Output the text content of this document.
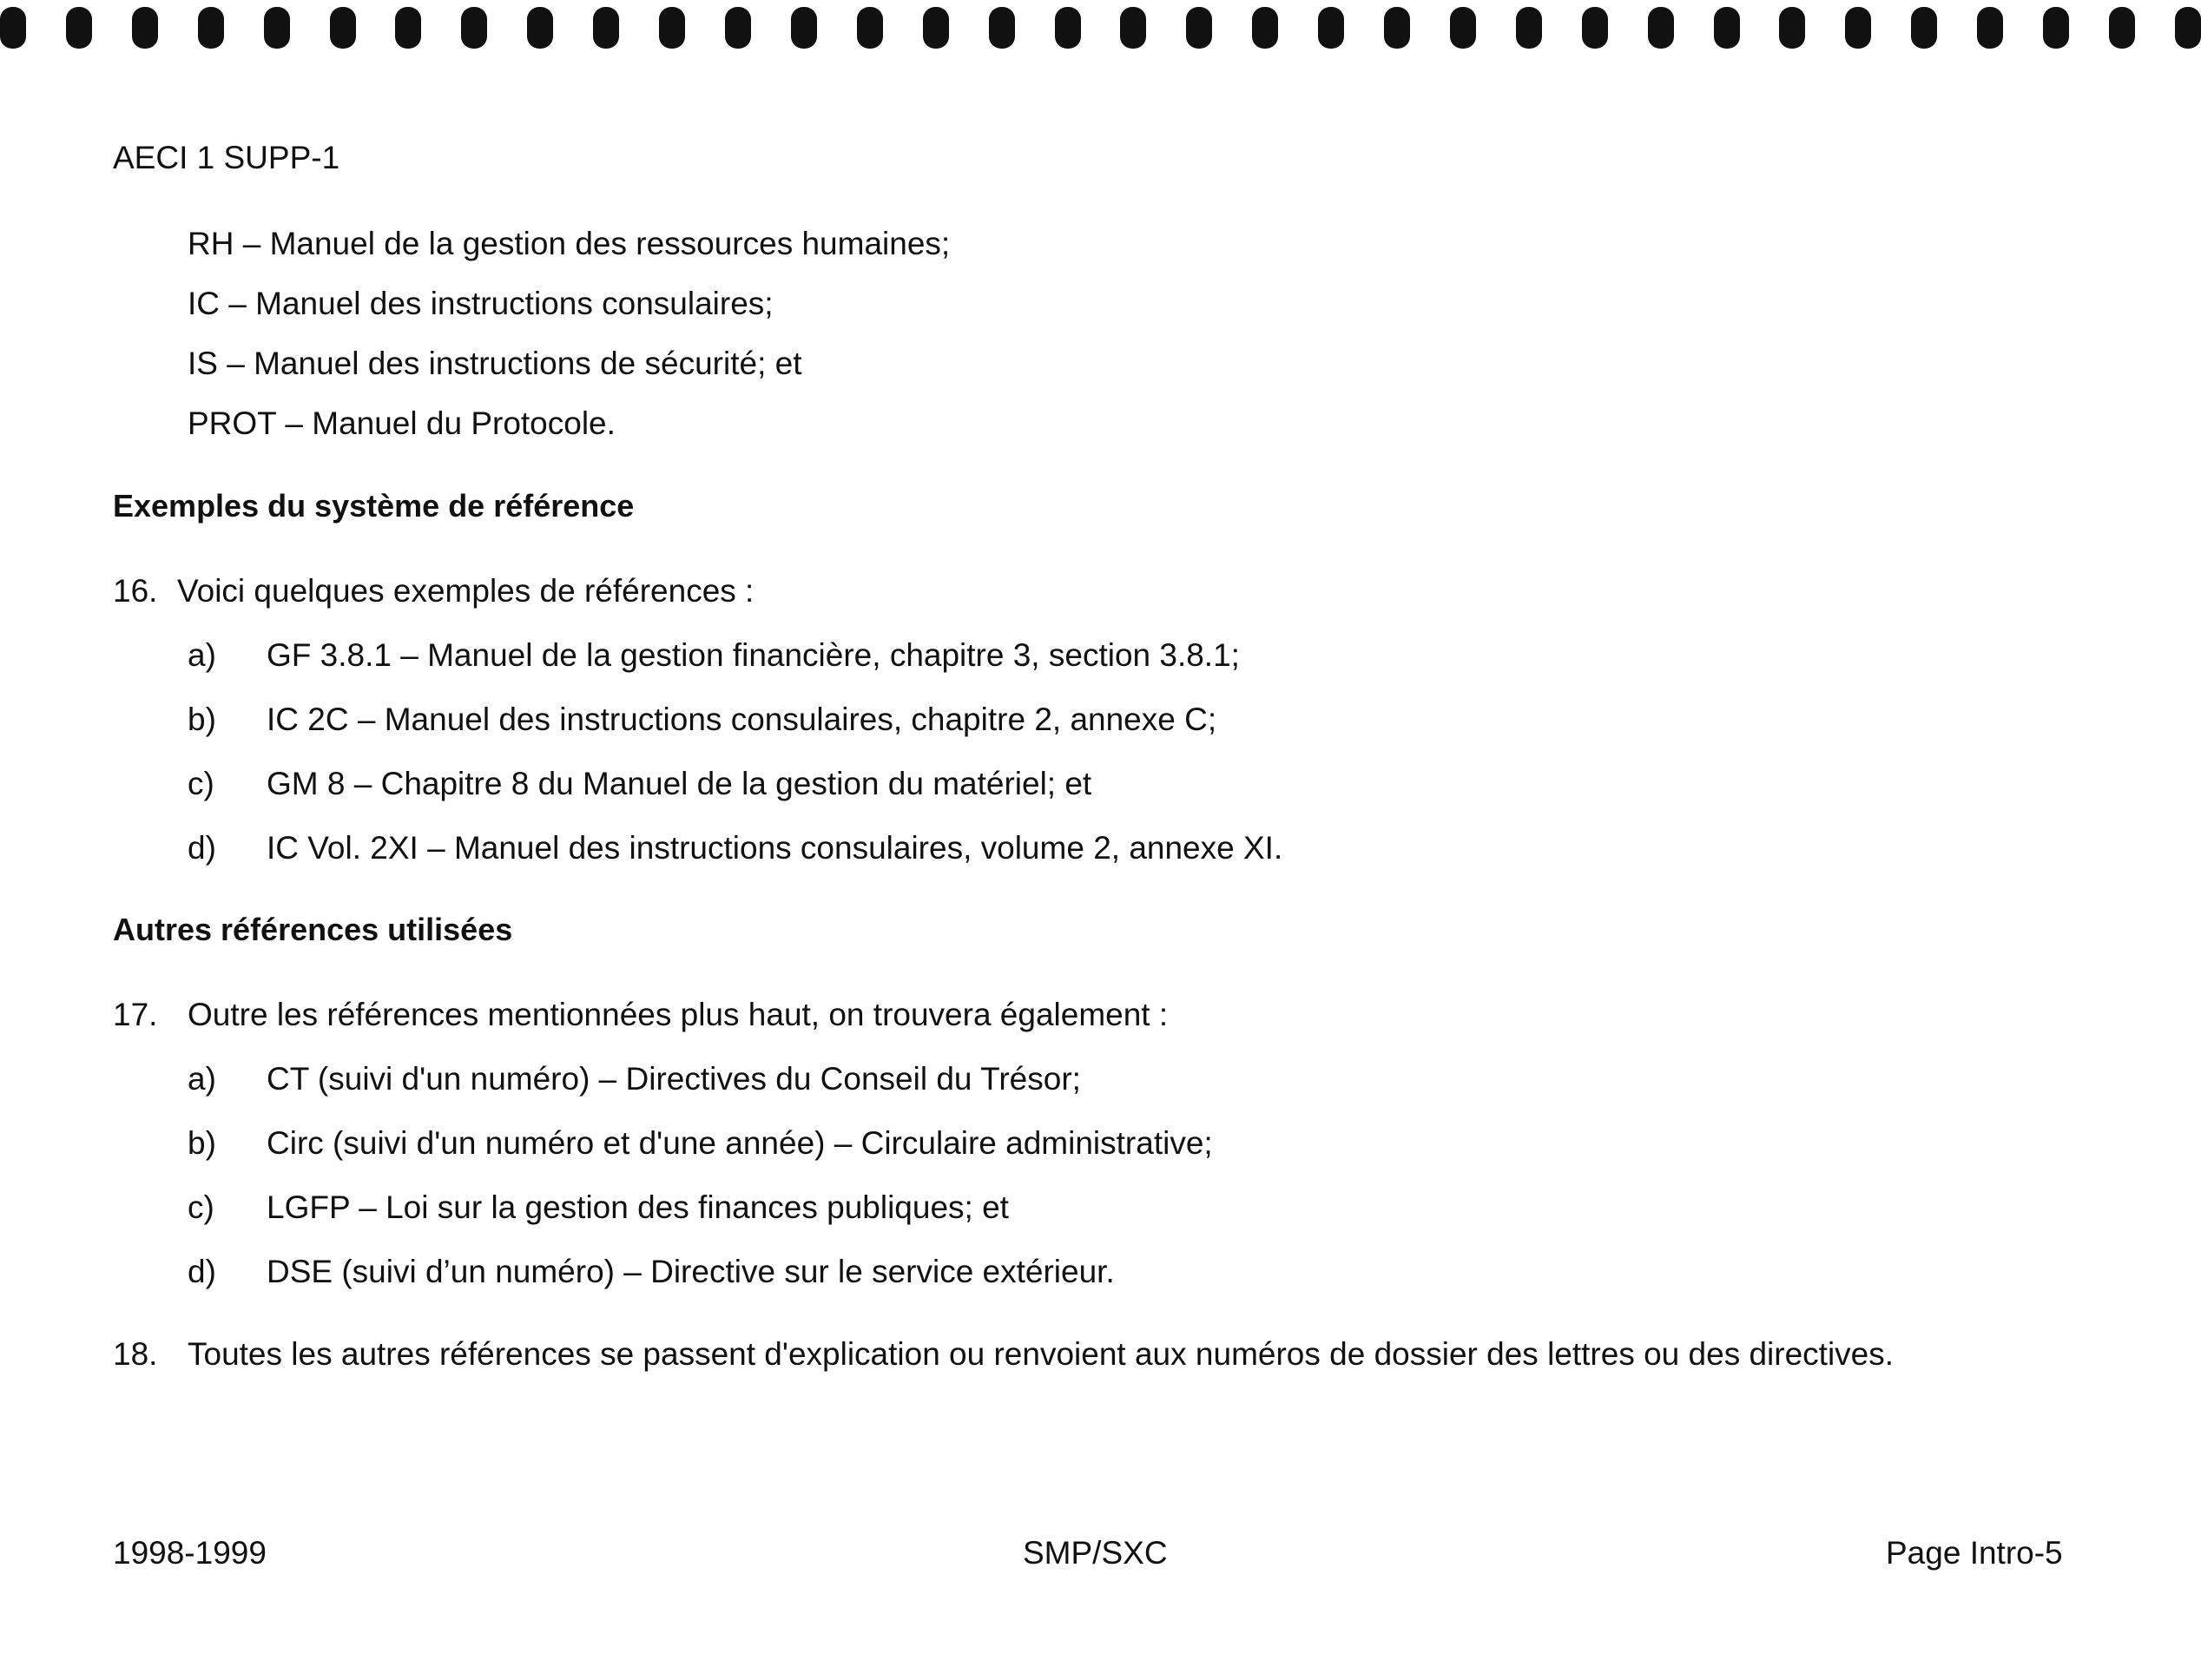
AECI 1 SUPP-1
RH – Manuel de la gestion des ressources humaines;
IC – Manuel des instructions consulaires;
IS – Manuel des instructions de sécurité; et
PROT – Manuel du Protocole.
Exemples du système de référence
16. Voici quelques exemples de références :
a) GF 3.8.1 – Manuel de la gestion financière, chapitre 3, section 3.8.1;
b) IC 2C – Manuel des instructions consulaires, chapitre 2, annexe C;
c) GM 8 – Chapitre 8 du Manuel de la gestion du matériel; et
d) IC Vol. 2XI – Manuel des instructions consulaires, volume 2, annexe XI.
Autres références utilisées
17. Outre les références mentionnées plus haut, on trouvera également :
a) CT (suivi d'un numéro) – Directives du Conseil du Trésor;
b) Circ (suivi d'un numéro et d'une année) – Circulaire administrative;
c) LGFP – Loi sur la gestion des finances publiques; et
d) DSE (suivi d’un numéro) – Directive sur le service extérieur.
18. Toutes les autres références se passent d'explication ou renvoient aux numéros de dossier des lettres ou des directives.
1998-1999	SMP/SXC	Page Intro-5
